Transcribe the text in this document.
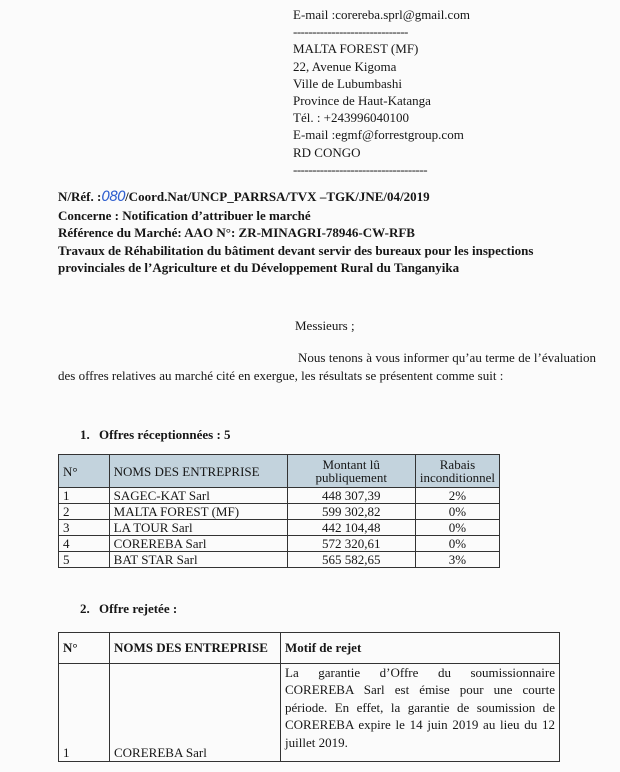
E-mail :corereba.sprl@gmail.com
------------------------------
MALTA FOREST (MF)
22, Avenue Kigoma
Ville de Lubumbashi
Province de Haut-Katanga
Tél. : +243996040100
E-mail :egmf@forrestgroup.com
RD CONGO
-----------------------------------
N/Réf. :080/Coord.Nat/UNCP_PARRSA/TVX –TGK/JNE/04/2019
Concerne : Notification d’attribuer le marché
Référence du Marché: AAO N°: ZR-MINAGRI-78946-CW-RFB
Travaux de Réhabilitation du bâtiment devant servir des bureaux pour les inspections
provinciales de l’Agriculture et du Développement Rural du Tanganyika
Messieurs ;
Nous tenons à vous informer qu’au terme de l’évaluation des offres relatives au marché cité en exergue, les résultats se présentent comme suit :
1. Offres réceptionnées : 5
N°	NOMS DES ENTREPRISE	Montant lû publiquement	Rabais inconditionnel
1	SAGEC-KAT Sarl	448 307,39	2%
2	MALTA FOREST (MF)	599 302,82	0%
3	LA TOUR Sarl	442 104,48	0%
4	CORERЕBA Sarl	572 320,61	0%
5	BAT STAR Sarl	565 582,65	3%
2. Offre rejetée :
N°	NOMS DES ENTREPRISE	Motif de rejet
1	CORERЕBA Sarl	La garantie d’Offre du soumissionnaire CORERЕBA Sarl est émise pour une courte période. En effet, la garantie de soumission de CORERЕBA expire le 14 juin 2019 au lieu du 12 juillet 2019.
